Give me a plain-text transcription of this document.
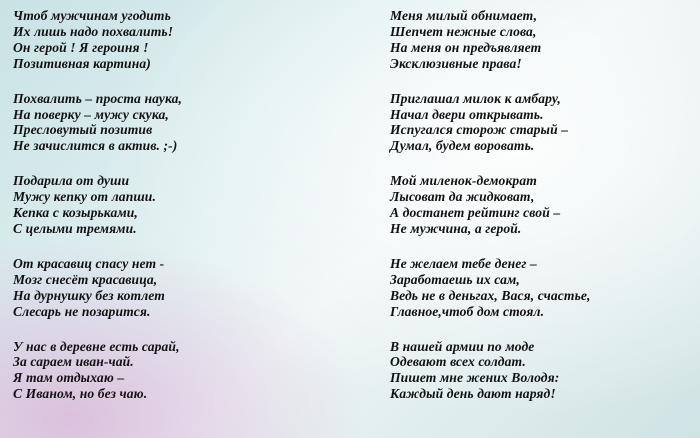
Чтоб мужчинам угодить
Их лишь надо похвалить!
Он герой ! Я героиня !
Позитивная картина)
Похвалить – проста наука,
На поверку – мужу скука,
Пресловутый позитив
Не зачислится в актив. ;-)
Подарила от души
Мужу кепку от лапши.
Кепка с козырьками,
С целыми тремями.
От красавиц спасу нет -
Мозг снесёт красавица,
На дурнушку без котлет
Слесарь не позарится.
У нас в деревне есть сарай,
За сараем иван-чай.
Я там отдыхаю –
С Иваном, но без чаю.
Меня милый обнимает,
Шепчет нежные слова,
На меня он предъявляет
Эксклюзивные права!
Приглашал милок к амбару,
Начал двери открывать.
Испугался сторож старый –
Думал, будем воровать.
Мой миленок-демократ
Лысоват да жидковат,
А достанет рейтинг свой –
Не мужчина, а герой.
Не желаем тебе денег –
Заработаешь их сам,
Ведь не в деньгах, Вася, счастье,
Главное,чтоб дом стоял.
В нашей армии по моде
Одевают всех солдат.
Пишет мне жених Володя:
Каждый день дают наряд!
